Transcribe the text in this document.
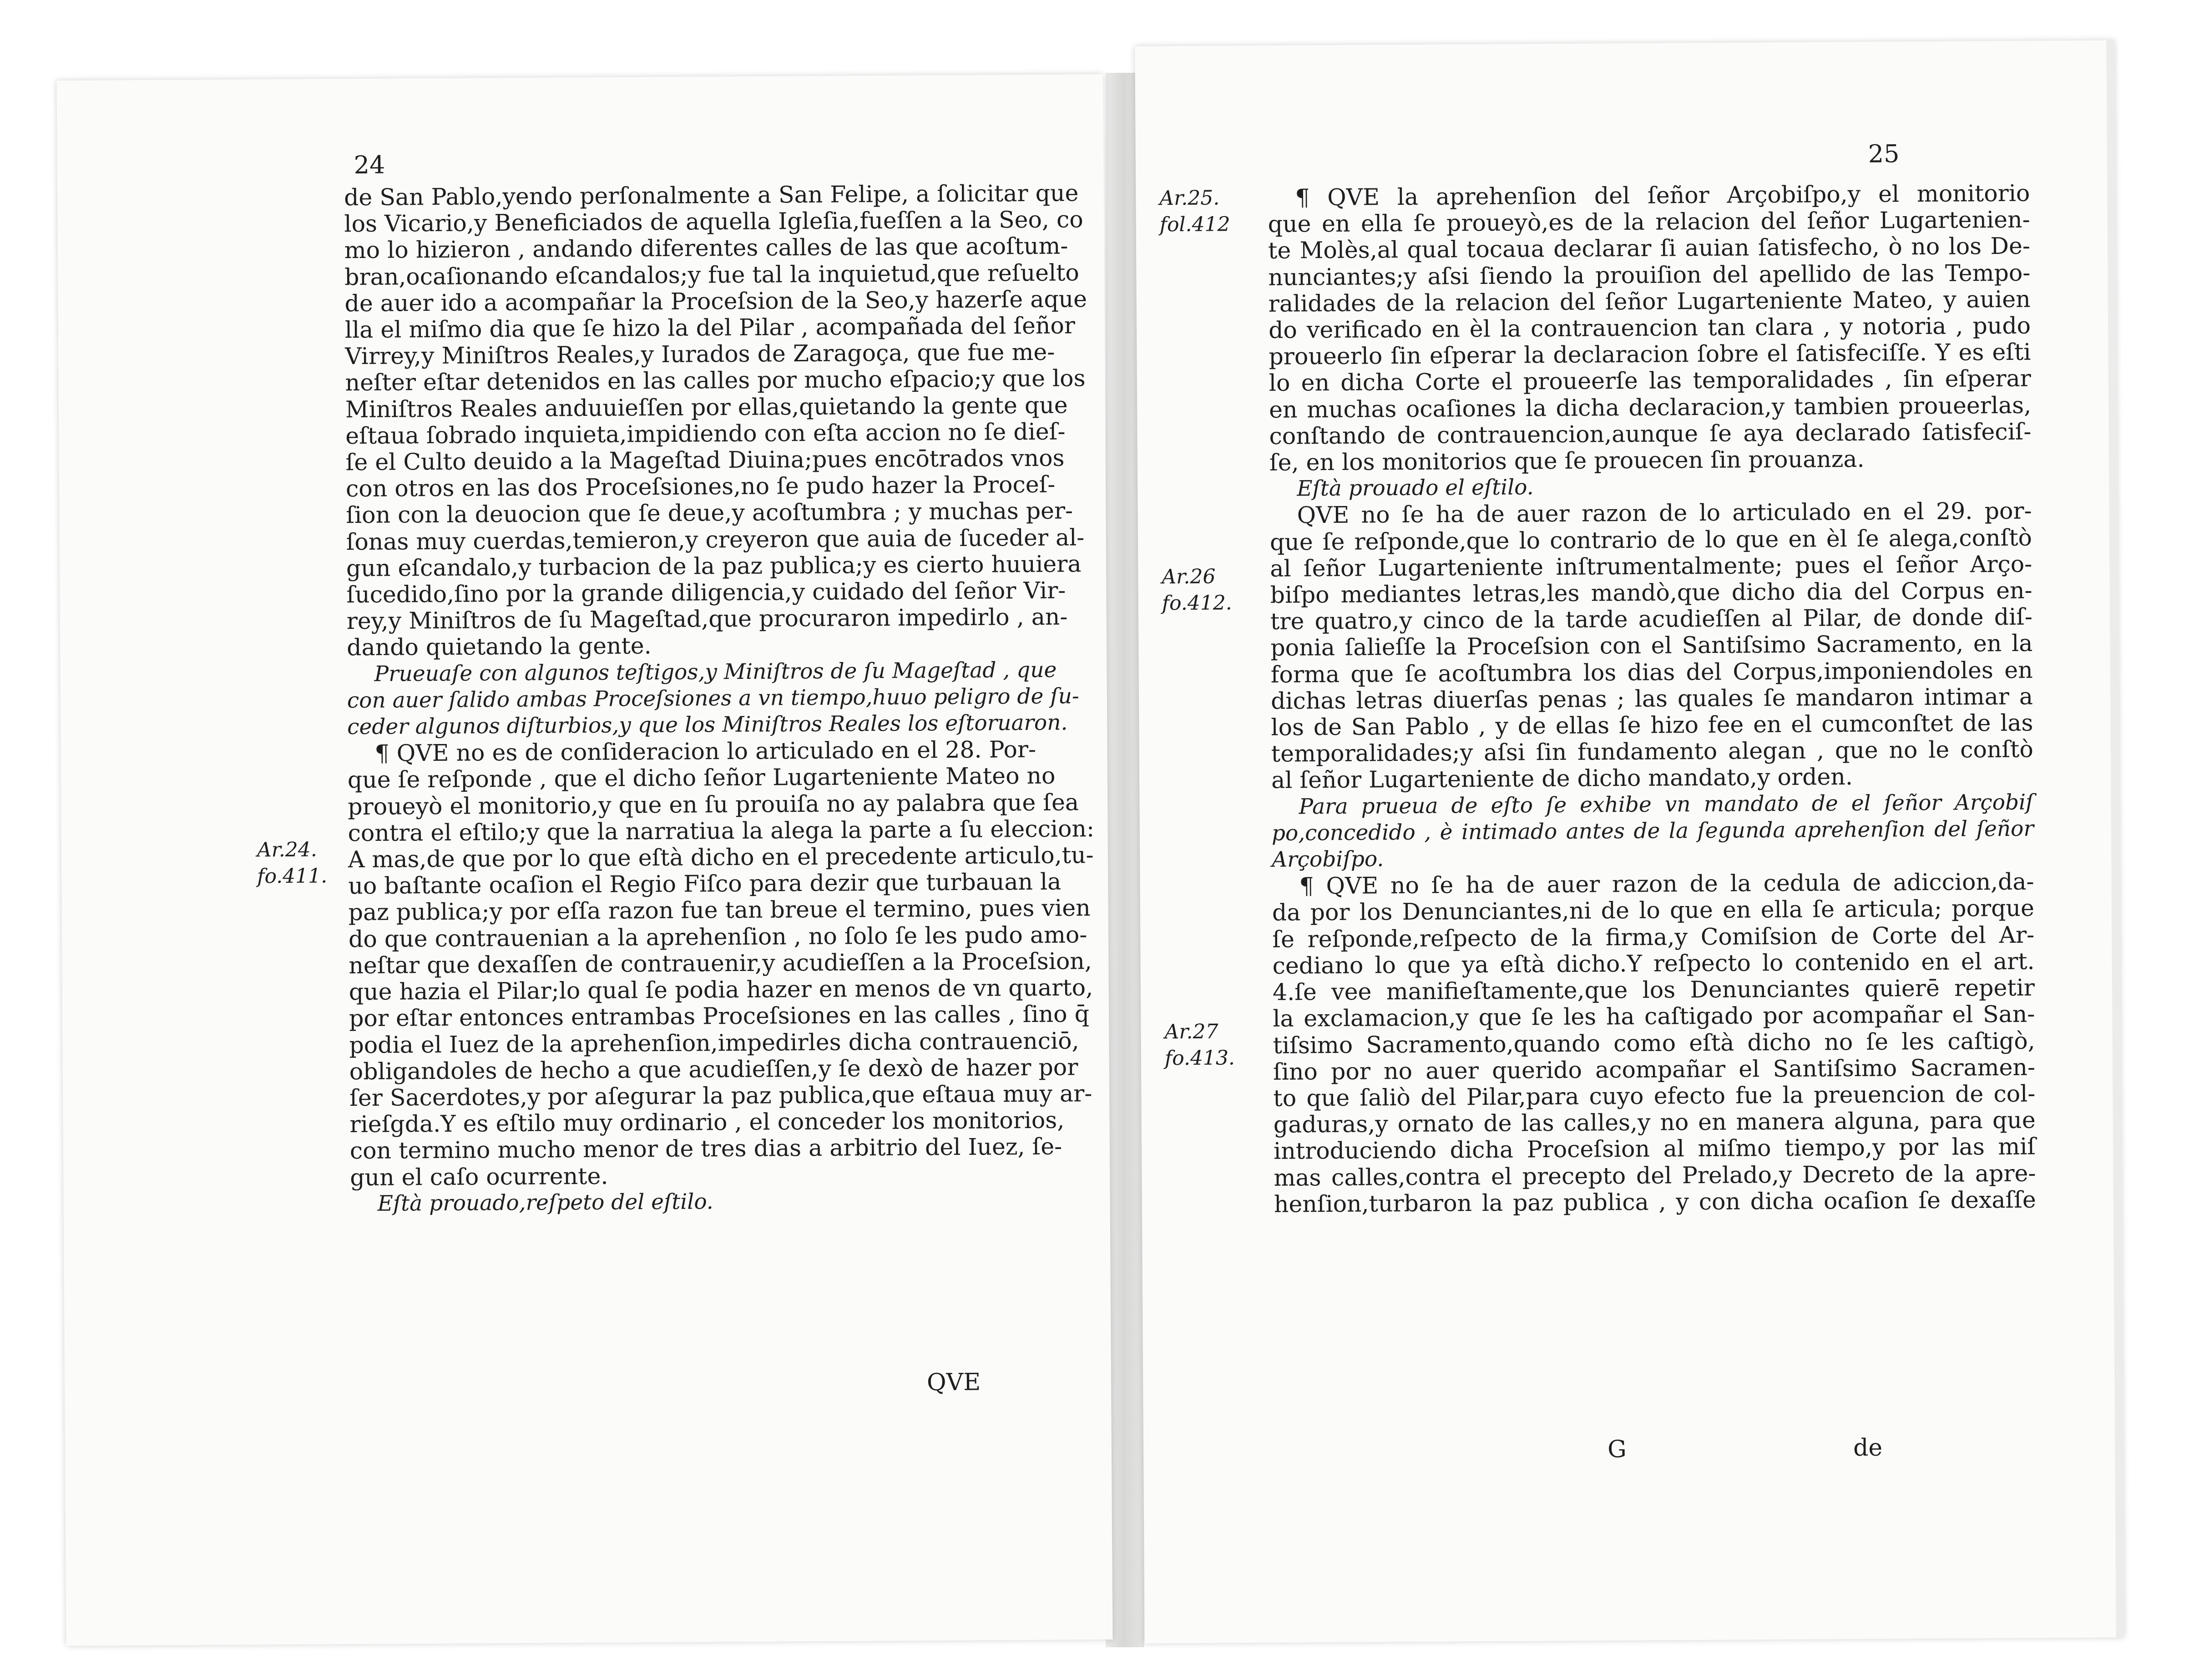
24

de San Pablo,yendo perſonalmente a San Felipe, a ſolicitar que

los Vicario,y Beneficiados de aquella Igleſia,fueſſen a la Seo, co

mo lo hizieron , andando diferentes calles de las que acoſtum-

bran,ocaſionando eſcandalos;y fue tal la inquietud,que reſuelto

de auer ido a acompañar la Proceſsion de la Seo,y hazerſe aque

lla el miſmo dia que ſe hizo la del Pilar , acompañada del ſeñor

Virrey,y Miniſtros Reales,y Iurados de Zaragoça, que fue me-

neſter eſtar detenidos en las calles por mucho eſpacio;y que los

Miniſtros Reales anduuieſſen por ellas,quietando la gente que

eſtaua ſobrado inquieta,impidiendo con eſta accion no ſe dieſ-

ſe el Culto deuido a la Mageſtad Diuina;pues encōtrados vnos

con otros en las dos Proceſsiones,no ſe pudo hazer la Proceſ-

ſion con la deuocion que ſe deue,y acoſtumbra ; y muchas per-

ſonas muy cuerdas,temieron,y creyeron que auia de ſuceder al-

gun eſcandalo,y turbacion de la paz publica;y es cierto huuiera

ſucedido,ſino por la grande diligencia,y cuidado del ſeñor Vir-

rey,y Miniſtros de ſu Mageſtad,que procuraron impedirlo , an-

dando quietando la gente.

Prueuaſe con algunos teſtigos,y Miniſtros de ſu Mageſtad , que

con auer ſalido ambas Proceſsiones a vn tiempo,huuo peligro de ſu-

ceder algunos diſturbios,y que los Miniſtros Reales los eſtoruaron.

¶ QVE no es de conſideracion lo articulado en el 28. Por-

que ſe reſponde , que el dicho ſeñor Lugarteniente Mateo no

proueyò el monitorio,y que en ſu prouiſa no ay palabra que ſea

contra el eſtilo;y que la narratiua la alega la parte a ſu eleccion:

A mas,de que por lo que eſtà dicho en el precedente articulo,tu-

uo baſtante ocaſion el Regio Fiſco para dezir que turbauan la

paz publica;y por eſſa razon fue tan breue el termino, pues vien

do que contrauenian a la aprehenſion , no ſolo ſe les pudo amo-

neſtar que dexaſſen de contrauenir,y acudieſſen a la Proceſsion,

que hazia el Pilar;lo qual ſe podia hazer en menos de vn quarto,

por eſtar entonces entrambas Proceſsiones en las calles , ſino q̄

podia el Iuez de la aprehenſion,impedirles dicha contrauenciō,

obligandoles de hecho a que acudieſſen,y ſe dexò de hazer por

ſer Sacerdotes,y por aſegurar la paz publica,que eſtaua muy ar-

rieſgda.Y es eſtilo muy ordinario , el conceder los monitorios,

con termino mucho menor de tres dias a arbitrio del Iuez, ſe-

gun el caſo ocurrente.

Eſtà prouado,reſpeto del eſtilo.

Ar.24.
fo.411.
QVE
25
Ar.25.
fol.412
Ar.26
fo.412.
Ar.27
fo.413.

¶ QVE la aprehenſion del ſeñor Arçobiſpo,y el monitorio

que en ella ſe proueyò,es de la relacion del ſeñor Lugartenien-

te Molès,al qual tocaua declarar ſi auian ſatisfecho, ò no los De-

nunciantes;y aſsi ſiendo la prouiſion del apellido de las Tempo-

ralidades de la relacion del ſeñor Lugarteniente Mateo, y auien

do verificado en èl la contrauencion tan clara , y notoria , pudo

proueerlo ſin eſperar la declaracion ſobre el ſatisfeciſſe. Y es eſti

lo en dicha Corte el proueerſe las temporalidades , ſin eſperar

en muchas ocaſiones la dicha declaracion,y tambien proueerlas,

conſtando de contrauencion,aunque ſe aya declarado ſatisfeciſ-

ſe, en los monitorios que ſe prouecen ſin prouanza.

Eſtà prouado el eſtilo.

QVE no ſe ha de auer razon de lo articulado en el 29. por-

que ſe reſponde,que lo contrario de lo que en èl ſe alega,conſtò

al ſeñor Lugarteniente inſtrumentalmente; pues el ſeñor Arço-

biſpo mediantes letras,les mandò,que dicho dia del Corpus en-

tre quatro,y cinco de la tarde acudieſſen al Pilar, de donde diſ-

ponia ſalieſſe la Proceſsion con el Santiſsimo Sacramento, en la

forma que ſe acoſtumbra los dias del Corpus,imponiendoles en

dichas letras diuerſas penas ; las quales ſe mandaron intimar a

los de San Pablo , y de ellas ſe hizo fee en el cumconſtet de las

temporalidades;y aſsi ſin fundamento alegan , que no le conſtò

al ſeñor Lugarteniente de dicho mandato,y orden.

Para prueua de eſto ſe exhibe vn mandato de el ſeñor Arçobiſ

po,concedido , è intimado antes de la ſegunda aprehenſion del ſeñor

Arçobiſpo.

¶ QVE no ſe ha de auer razon de la cedula de adiccion,da-

da por los Denunciantes,ni de lo que en ella ſe articula; porque

ſe reſponde,reſpecto de la firma,y Comiſsion de Corte del Ar-

cediano lo que ya eſtà dicho.Y reſpecto lo contenido en el art.

4.ſe vee manifieſtamente,que los Denunciantes quierē repetir

la exclamacion,y que ſe les ha caſtigado por acompañar el San-

tiſsimo Sacramento,quando como eſtà dicho no ſe les caſtigò,

ſino por no auer querido acompañar el Santiſsimo Sacramen-

to que ſaliò del Pilar,para cuyo efecto fue la preuencion de col-

gaduras,y ornato de las calles,y no en manera alguna, para que

introduciendo dicha Proceſsion al miſmo tiempo,y por las miſ

mas calles,contra el precepto del Prelado,y Decreto de la apre-

henſion,turbaron la paz publica , y con dicha ocaſion ſe dexaſſe

G	de
